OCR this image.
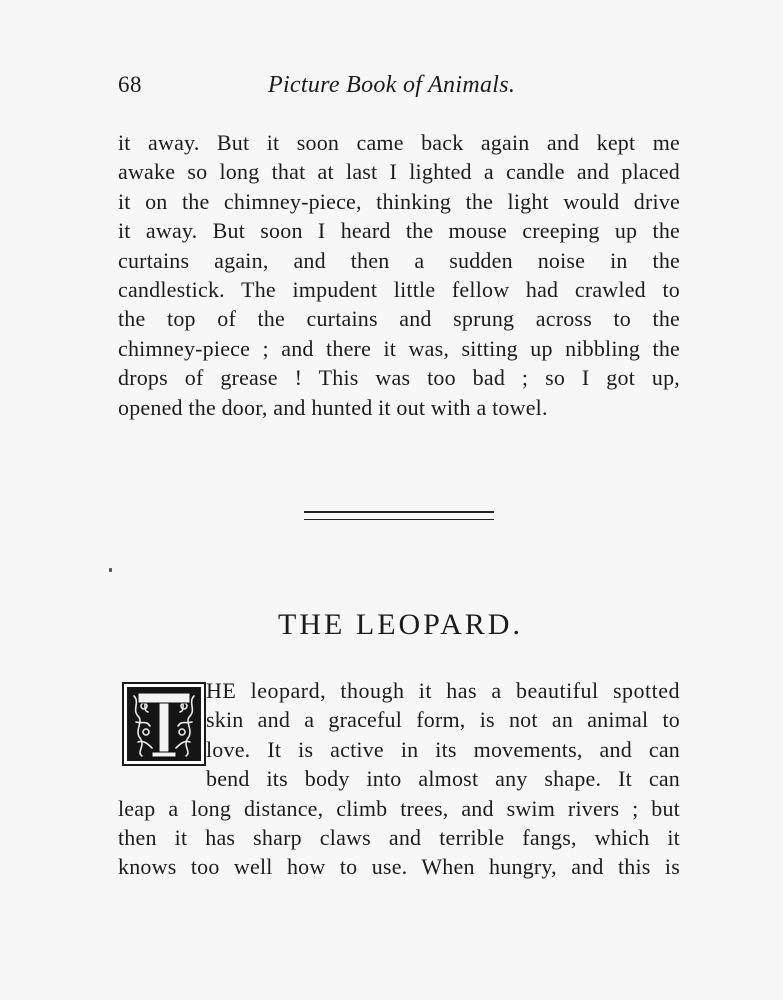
68	Picture Book of Animals.
it away. But it soon came back again and kept me
awake so long that at last I lighted a candle and placed
it on the chimney-piece, thinking the light would drive
it away. But soon I heard the mouse creeping up the
curtains again, and then a sudden noise in the
candlestick. The impudent little fellow had crawled to
the top of the curtains and sprung across to the
chimney-piece ; and there it was, sitting up nibbling the
drops of grease ! This was too bad ; so I got up,
opened the door, and hunted it out with a towel.
THE LEOPARD.
HE leopard, though it has a beautiful spotted
skin and a graceful form, is not an animal to
love. It is active in its movements, and can
bend its body into almost any shape. It can
leap a long distance, climb trees, and swim rivers ; but
then it has sharp claws and terrible fangs, which it
knows too well how to use. When hungry, and this is
